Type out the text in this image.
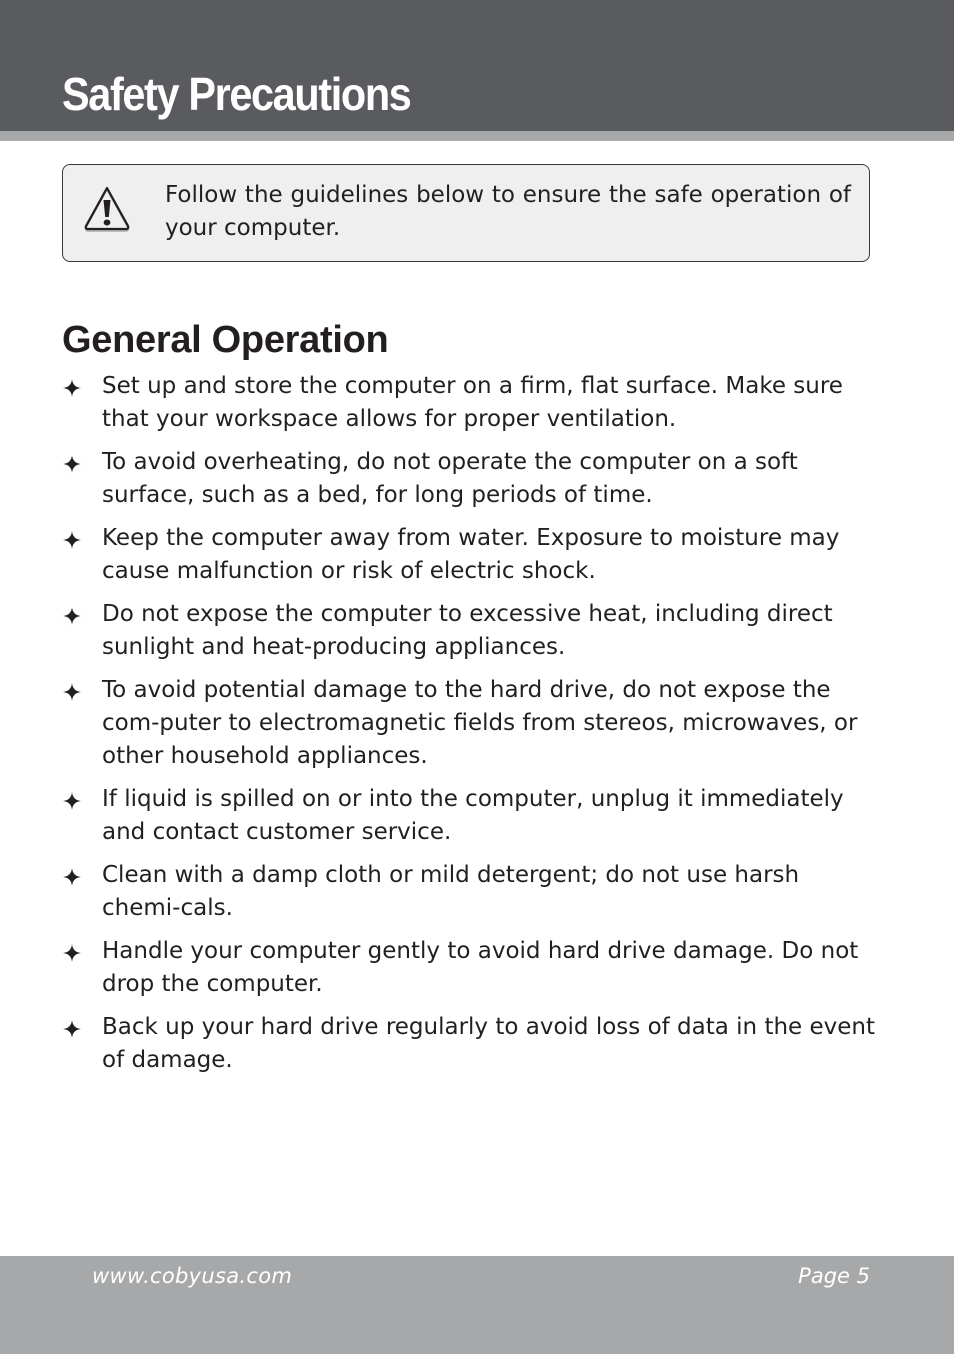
Safety Precautions

Follow the guidelines below to ensure the safe operation of your computer.

General Operation
Set up and store the computer on a firm, flat surface. Make sure that your workspace allows for proper ventilation.
To avoid overheating, do not operate the computer on a soft surface, such as a bed, for long periods of time.
Keep the computer away from water. Exposure to moisture may cause malfunction or risk of electric shock.
Do not expose the computer to excessive heat, including direct sunlight and heat-producing appliances.
To avoid potential damage to the hard drive, do not expose the com-puter to electromagnetic fields from stereos, microwaves, or other household appliances.
If liquid is spilled on or into the computer, unplug it immediately and contact customer service.
Clean with a damp cloth or mild detergent; do not use harsh chemi-cals.
Handle your computer gently to avoid hard drive damage. Do not drop the computer.
Back up your hard drive regularly to avoid loss of data in the event of damage.
www.cobyusa.com	Page 5
